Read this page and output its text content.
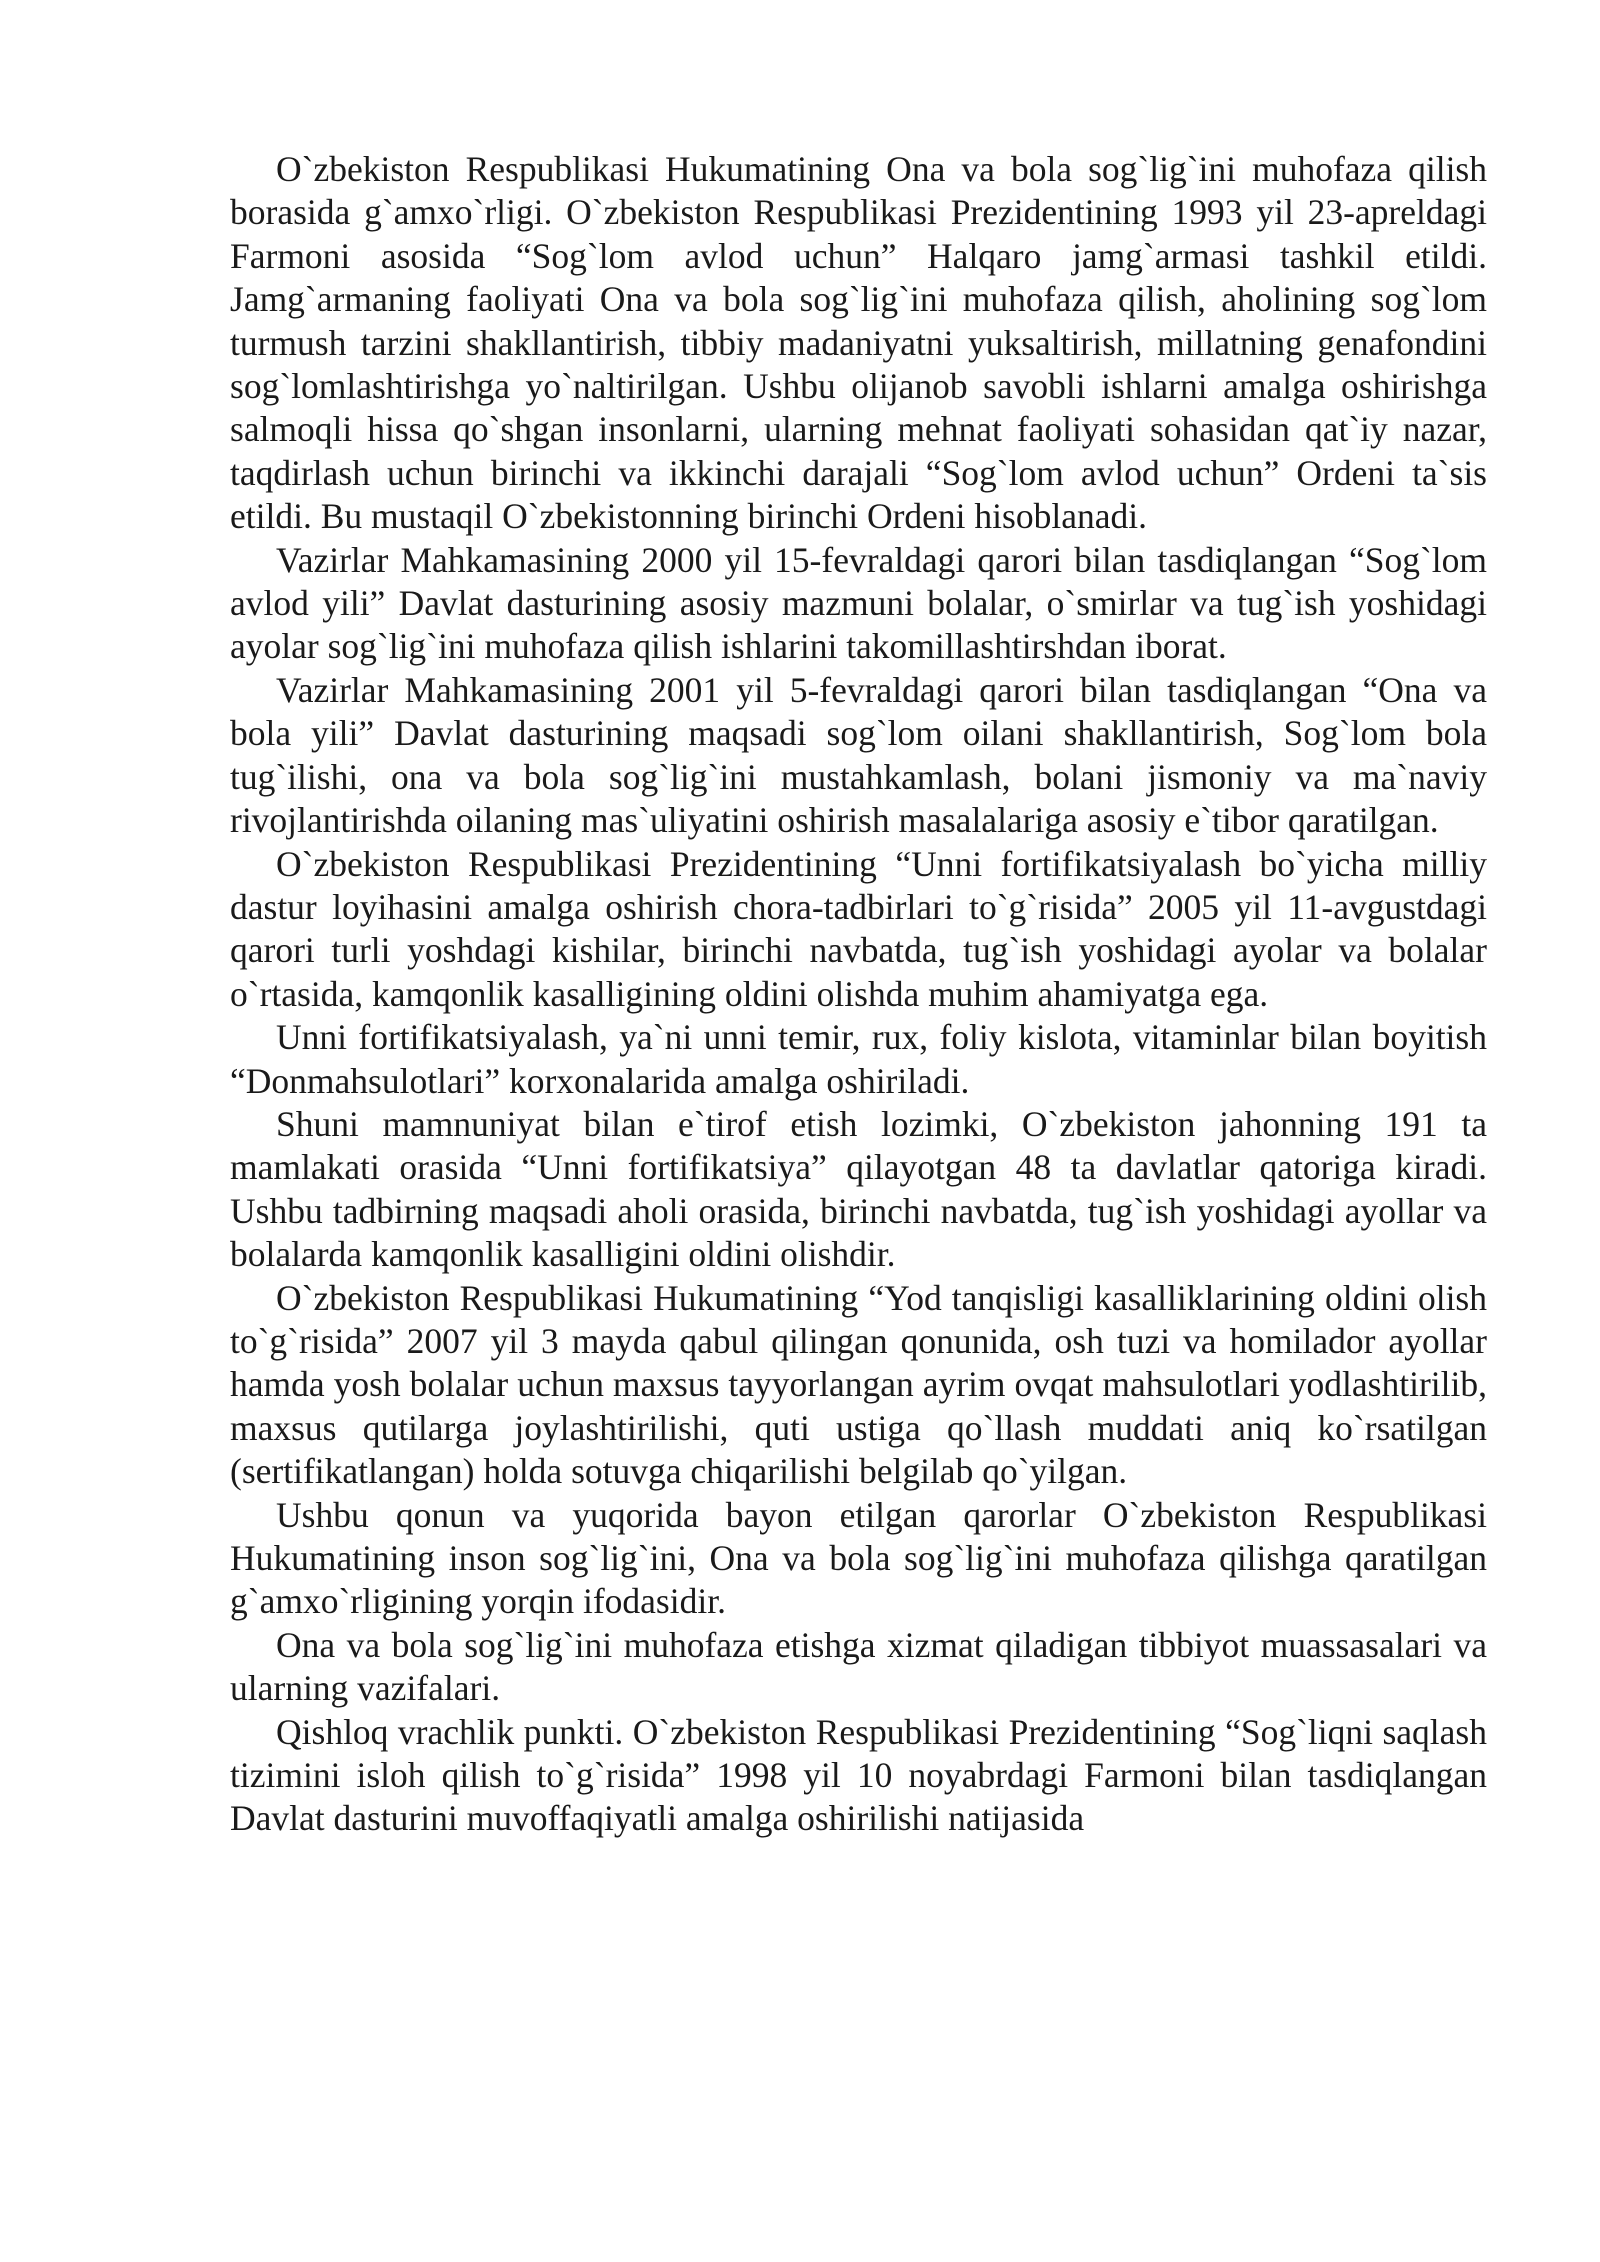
O`zbekiston Respublikasi Hukumatining Ona va bola sog`lig`ini muhofaza qilish borasida g`amxo`rligi. O`zbekiston Respublikasi Prezidentining 1993 yil 23-apreldagi Farmoni asosida “Sog`lom avlod uchun” Halqaro jamg`armasi tashkil etildi. Jamg`armaning faoliyati Ona va bola sog`lig`ini muhofaza qilish, aholining sog`lom turmush tarzini shakllantirish, tibbiy madaniyatni yuksaltirish, millatning genafondini sog`lomlashtirishga yo`naltirilgan. Ushbu olijanob savobli ishlarni amalga oshirishga salmoqli hissa qo`shgan insonlarni, ularning mehnat faoliyati sohasidan qat`iy nazar, taqdirlash uchun birinchi va ikkinchi darajali “Sog`lom avlod uchun” Ordeni ta`sis etildi. Bu mustaqil O`zbekistonning birinchi Ordeni hisoblanadi.

Vazirlar Mahkamasining 2000 yil 15-fevraldagi qarori bilan tasdiqlangan “Sog`lom avlod yili” Davlat dasturining asosiy mazmuni bolalar, o`smirlar va tug`ish yoshidagi ayolar sog`lig`ini muhofaza qilish ishlarini takomillashtirshdan iborat.

Vazirlar Mahkamasining 2001 yil 5-fevraldagi qarori bilan tasdiqlangan “Ona va bola yili” Davlat dasturining maqsadi sog`lom oilani shakllantirish, Sog`lom bola tug`ilishi, ona va bola sog`lig`ini mustahkamlash, bolani jismoniy va ma`naviy rivojlantirishda oilaning mas`uliyatini oshirish masalalariga asosiy e`tibor qaratilgan.

O`zbekiston Respublikasi Prezidentining “Unni fortifikatsiyalash bo`yicha milliy dastur loyihasini amalga oshirish chora-tadbirlari to`g`risida” 2005 yil 11-avgustdagi qarori turli yoshdagi kishilar, birinchi navbatda, tug`ish yoshidagi ayolar va bolalar o`rtasida, kamqonlik kasalligining oldini olishda muhim ahamiyatga ega.

Unni fortifikatsiyalash, ya`ni unni temir, rux, foliy kislota, vitaminlar bilan boyitish “Donmahsulotlari” korxonalarida amalga oshiriladi.

Shuni mamnuniyat bilan e`tirof etish lozimki, O`zbekiston jahonning 191 ta mamlakati orasida “Unni fortifikatsiya” qilayotgan 48 ta davlatlar qatoriga kiradi. Ushbu tadbirning maqsadi aholi orasida, birinchi navbatda, tug`ish yoshidagi ayollar va bolalarda kamqonlik kasalligini oldini olishdir.

O`zbekiston Respublikasi Hukumatining “Yod tanqisligi kasalliklarining oldini olish to`g`risida” 2007 yil 3 mayda qabul qilingan qonunida, osh tuzi va homilador ayollar hamda yosh bolalar uchun maxsus tayyorlangan ayrim ovqat mahsulotlari yodlashtirilib, maxsus qutilarga joylashtirilishi, quti ustiga qo`llash muddati aniq ko`rsatilgan (sertifikatlangan) holda sotuvga chiqarilishi belgilab qo`yilgan.

Ushbu qonun va yuqorida bayon etilgan qarorlar O`zbekiston Respublikasi Hukumatining inson sog`lig`ini, Ona va bola sog`lig`ini muhofaza qilishga qaratilgan g`amxo`rligining yorqin ifodasidir.

Ona va bola sog`lig`ini muhofaza etishga xizmat qiladigan tibbiyot muassasalari va ularning vazifalari.

Qishloq vrachlik punkti. O`zbekiston Respublikasi Prezidentining “Sog`liqni saqlash tizimini isloh qilish to`g`risida” 1998 yil 10 noyabrdagi Farmoni bilan tasdiqlangan Davlat dasturini muvoffaqiyatli amalga oshirilishi natijasida
